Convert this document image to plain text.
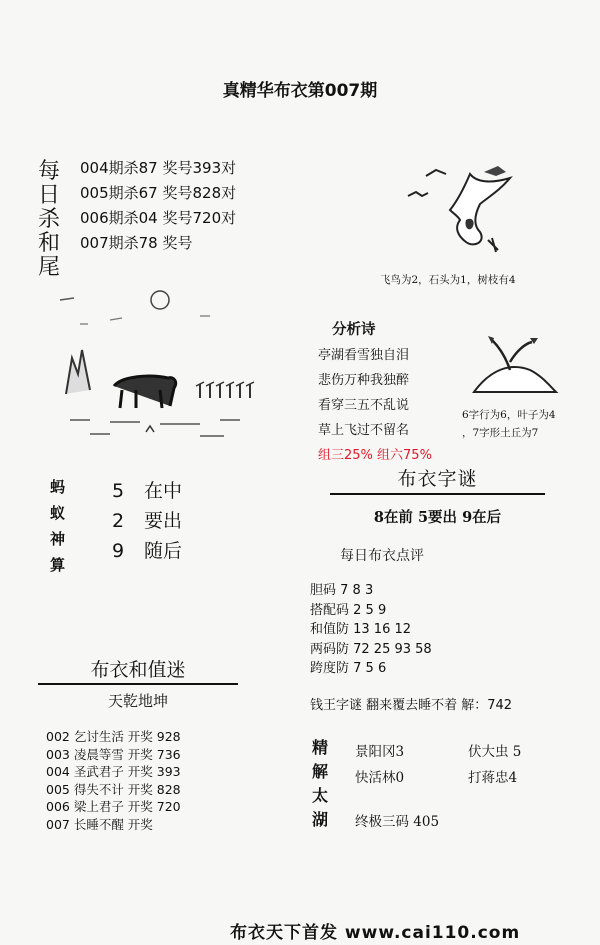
真精华布衣第007期
每日杀和尾
004期杀87 奖号393对
005期杀67 奖号828对
006期杀04 奖号720对
007期杀78 奖号
飞鸟为2，石头为1，树枝有4
分析诗
亭湖看雪独自泪
悲伤万种我独醉
看穿三五不乱说
草上飞过不留名
组三25% 组六75%
6字行为6，叶子为4
，7字形土丘为7
蚂蚁神算
5 在中
2 要出
9 随后
布衣字谜
8在前 5要出 9在后
每日布衣点评
胆码 7 8 3
搭配码 2 5 9
和值防 13 16 12
两码防 72 25 93 58
跨度防 7 5 6
钱王字谜 翻来覆去睡不着 解：742
布衣和值迷
天乾地坤
002 乞讨生活 开奖 928
003 凌晨等雪 开奖 736
004 圣武君子 开奖 393
005 得失不计 开奖 828
006 梁上君子 开奖 720
007 长睡不醒 开奖
精解太湖
景阳冈3	伏大虫 5
快活林0	打蒋忠4
终极三码 405
布衣天下首发 www.cai110.com
